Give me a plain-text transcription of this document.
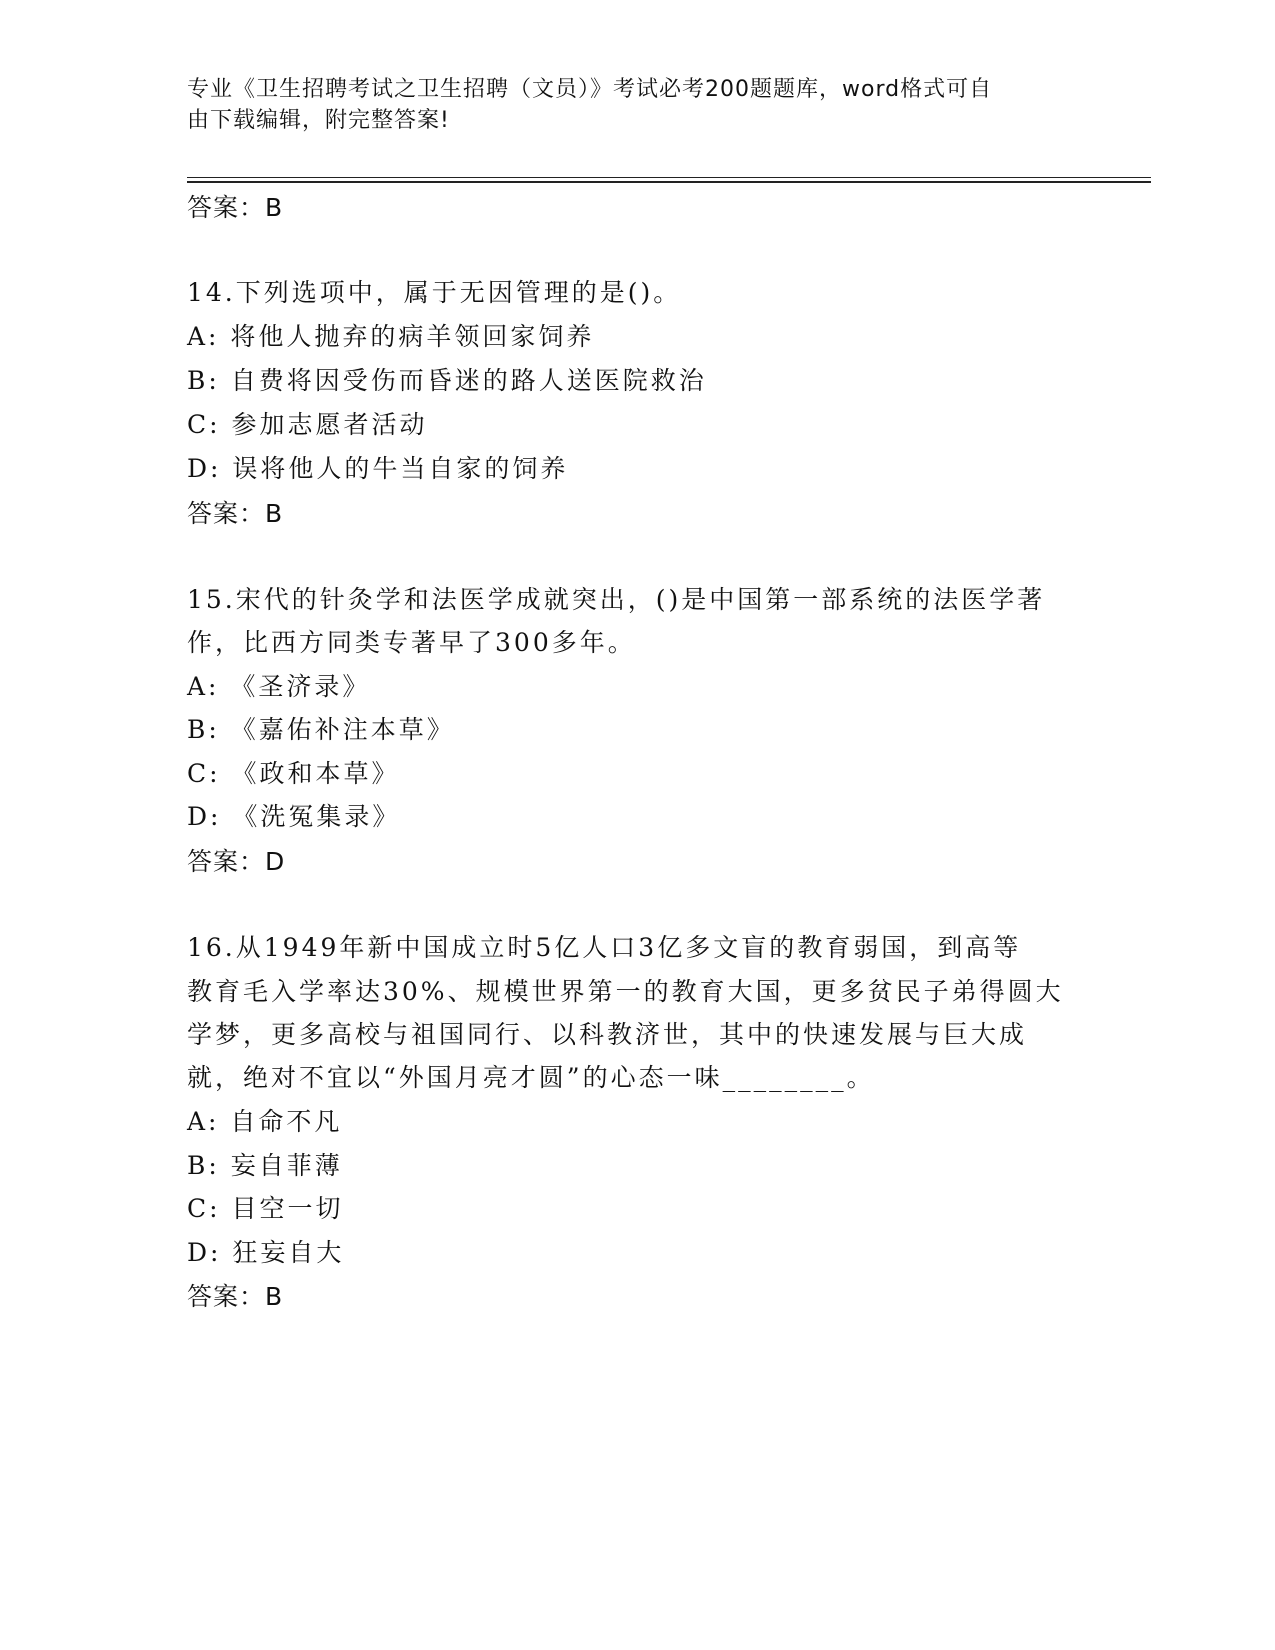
专业《卫生招聘考试之卫生招聘（文员）》考试必考200题题库，word格式可自
由下载编辑，附完整答案!
答案：B
14.下列选项中，属于无因管理的是()。
A: 将他人抛弃的病羊领回家饲养
B: 自费将因受伤而昏迷的路人送医院救治
C: 参加志愿者活动
D: 误将他人的牛当自家的饲养
答案：B
15.宋代的针灸学和法医学成就突出，()是中国第一部系统的法医学著
作，比西方同类专著早了300多年。
A: 《圣济录》
B: 《嘉佑补注本草》
C: 《政和本草》
D: 《洗冤集录》
答案：D
16.从1949年新中国成立时5亿人口3亿多文盲的教育弱国，到高等
教育毛入学率达30%、规模世界第一的教育大国，更多贫民子弟得圆大
学梦，更多高校与祖国同行、以科教济世，其中的快速发展与巨大成
就，绝对不宜以“外国月亮才圆”的心态一味________。
A: 自命不凡
B: 妄自菲薄
C: 目空一切
D: 狂妄自大
答案：B
